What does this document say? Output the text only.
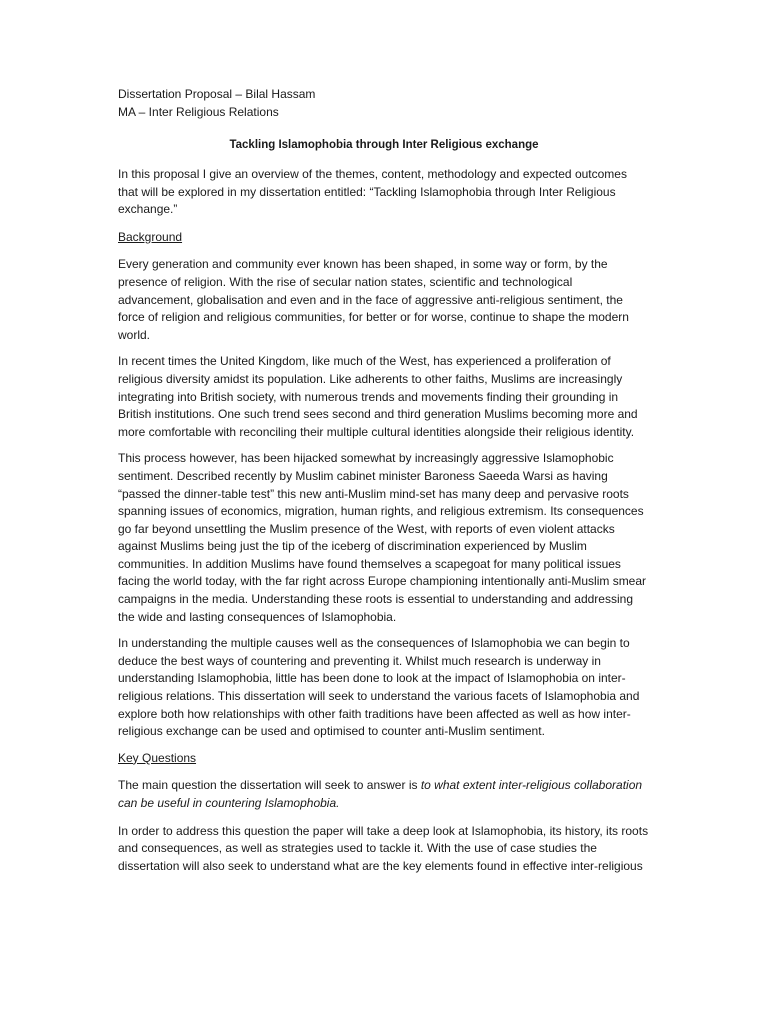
Dissertation Proposal – Bilal Hassam

MA – Inter Religious Relations

Tackling Islamophobia through Inter Religious exchange

In this proposal I give an overview of the themes, content, methodology and expected outcomes that will be explored in my dissertation entitled: “Tackling Islamophobia through Inter Religious exchange.”

Background

Every generation and community ever known has been shaped, in some way or form, by the presence of religion. With the rise of secular nation states, scientific and technological advancement, globalisation and even and in the face of aggressive anti-religious sentiment, the force of religion and religious communities, for better or for worse, continue to shape the modern world.

In recent times the United Kingdom, like much of the West, has experienced a proliferation of religious diversity amidst its population. Like adherents to other faiths, Muslims are increasingly integrating into British society, with numerous trends and movements finding their grounding in British institutions. One such trend sees second and third generation Muslims becoming more and more comfortable with reconciling their multiple cultural identities alongside their religious identity.

This process however, has been hijacked somewhat by increasingly aggressive Islamophobic sentiment. Described recently by Muslim cabinet minister Baroness Saeeda Warsi as having “passed the dinner-table test” this new anti-Muslim mind-set has many deep and pervasive roots spanning issues of economics, migration, human rights, and religious extremism. Its consequences go far beyond unsettling the Muslim presence of the West, with reports of even violent attacks against Muslims being just the tip of the iceberg of discrimination experienced by Muslim communities. In addition Muslims have found themselves a scapegoat for many political issues facing the world today, with the far right across Europe championing intentionally anti-Muslim smear campaigns in the media. Understanding these roots is essential to understanding and addressing the wide and lasting consequences of Islamophobia.

In understanding the multiple causes well as the consequences of Islamophobia we can begin to deduce the best ways of countering and preventing it. Whilst much research is underway in understanding Islamophobia, little has been done to look at the impact of Islamophobia on inter-religious relations. This dissertation will seek to understand the various facets of Islamophobia and explore both how relationships with other faith traditions have been affected as well as how inter-religious exchange can be used and optimised to counter anti-Muslim sentiment.

Key Questions

The main question the dissertation will seek to answer is to what extent inter-religious collaboration can be useful in countering Islamophobia.

In order to address this question the paper will take a deep look at Islamophobia, its history, its roots and consequences, as well as strategies used to tackle it. With the use of case studies the dissertation will also seek to understand what are the key elements found in effective inter-religious
